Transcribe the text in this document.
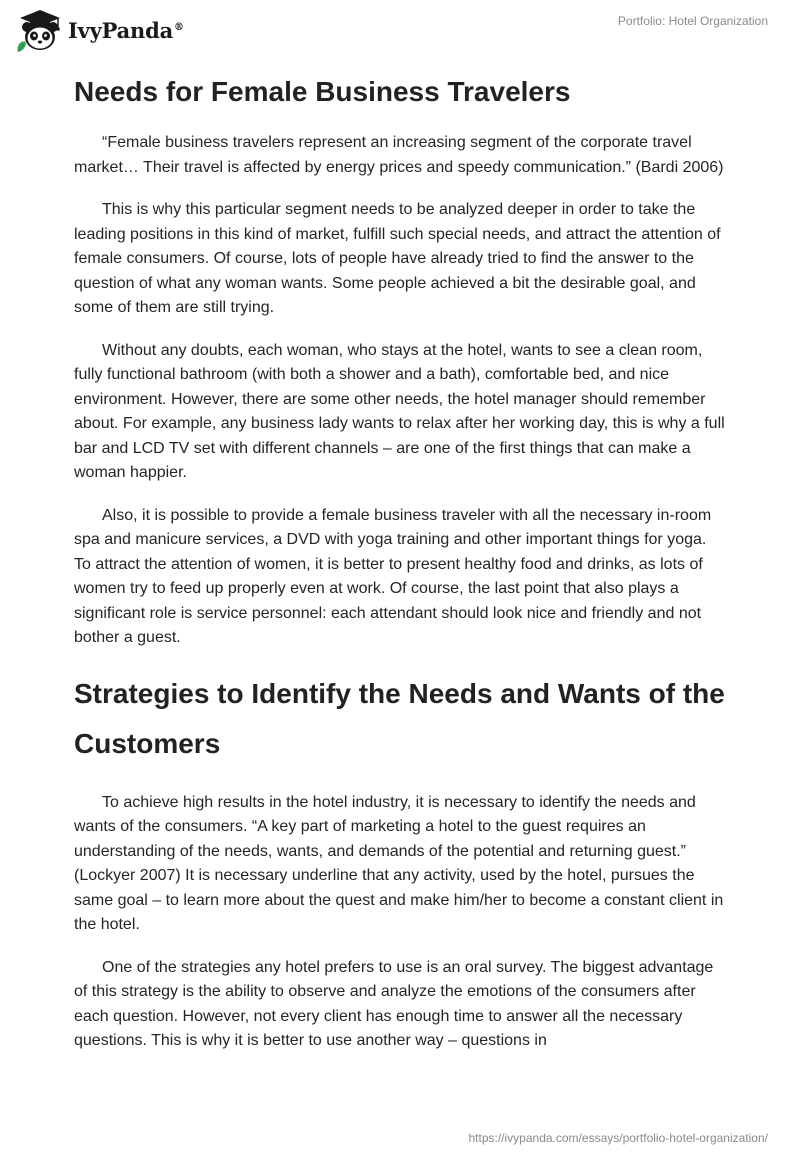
IvyPanda®	Portfolio: Hotel Organization
Needs for Female Business Travelers

“Female business travelers represent an increasing segment of the corporate travel market… Their travel is affected by energy prices and speedy communication.” (Bardi 2006)

This is why this particular segment needs to be analyzed deeper in order to take the leading positions in this kind of market, fulfill such special needs, and attract the attention of female consumers. Of course, lots of people have already tried to find the answer to the question of what any woman wants. Some people achieved a bit the desirable goal, and some of them are still trying.

Without any doubts, each woman, who stays at the hotel, wants to see a clean room, fully functional bathroom (with both a shower and a bath), comfortable bed, and nice environment. However, there are some other needs, the hotel manager should remember about. For example, any business lady wants to relax after her working day, this is why a full bar and LCD TV set with different channels – are one of the first things that can make a woman happier.

Also, it is possible to provide a female business traveler with all the necessary in-room spa and manicure services, a DVD with yoga training and other important things for yoga. To attract the attention of women, it is better to present healthy food and drinks, as lots of women try to feed up properly even at work. Of course, the last point that also plays a significant role is service personnel: each attendant should look nice and friendly and not bother a guest.

Strategies to Identify the Needs and Wants of the Customers

To achieve high results in the hotel industry, it is necessary to identify the needs and wants of the consumers. “A key part of marketing a hotel to the guest requires an understanding of the needs, wants, and demands of the potential and returning guest.” (Lockyer 2007) It is necessary underline that any activity, used by the hotel, pursues the same goal – to learn more about the quest and make him/her to become a constant client in the hotel.

One of the strategies any hotel prefers to use is an oral survey. The biggest advantage of this strategy is the ability to observe and analyze the emotions of the consumers after each question. However, not every client has enough time to answer all the necessary questions. This is why it is better to use another way – questions in

https://ivypanda.com/essays/portfolio-hotel-organization/
